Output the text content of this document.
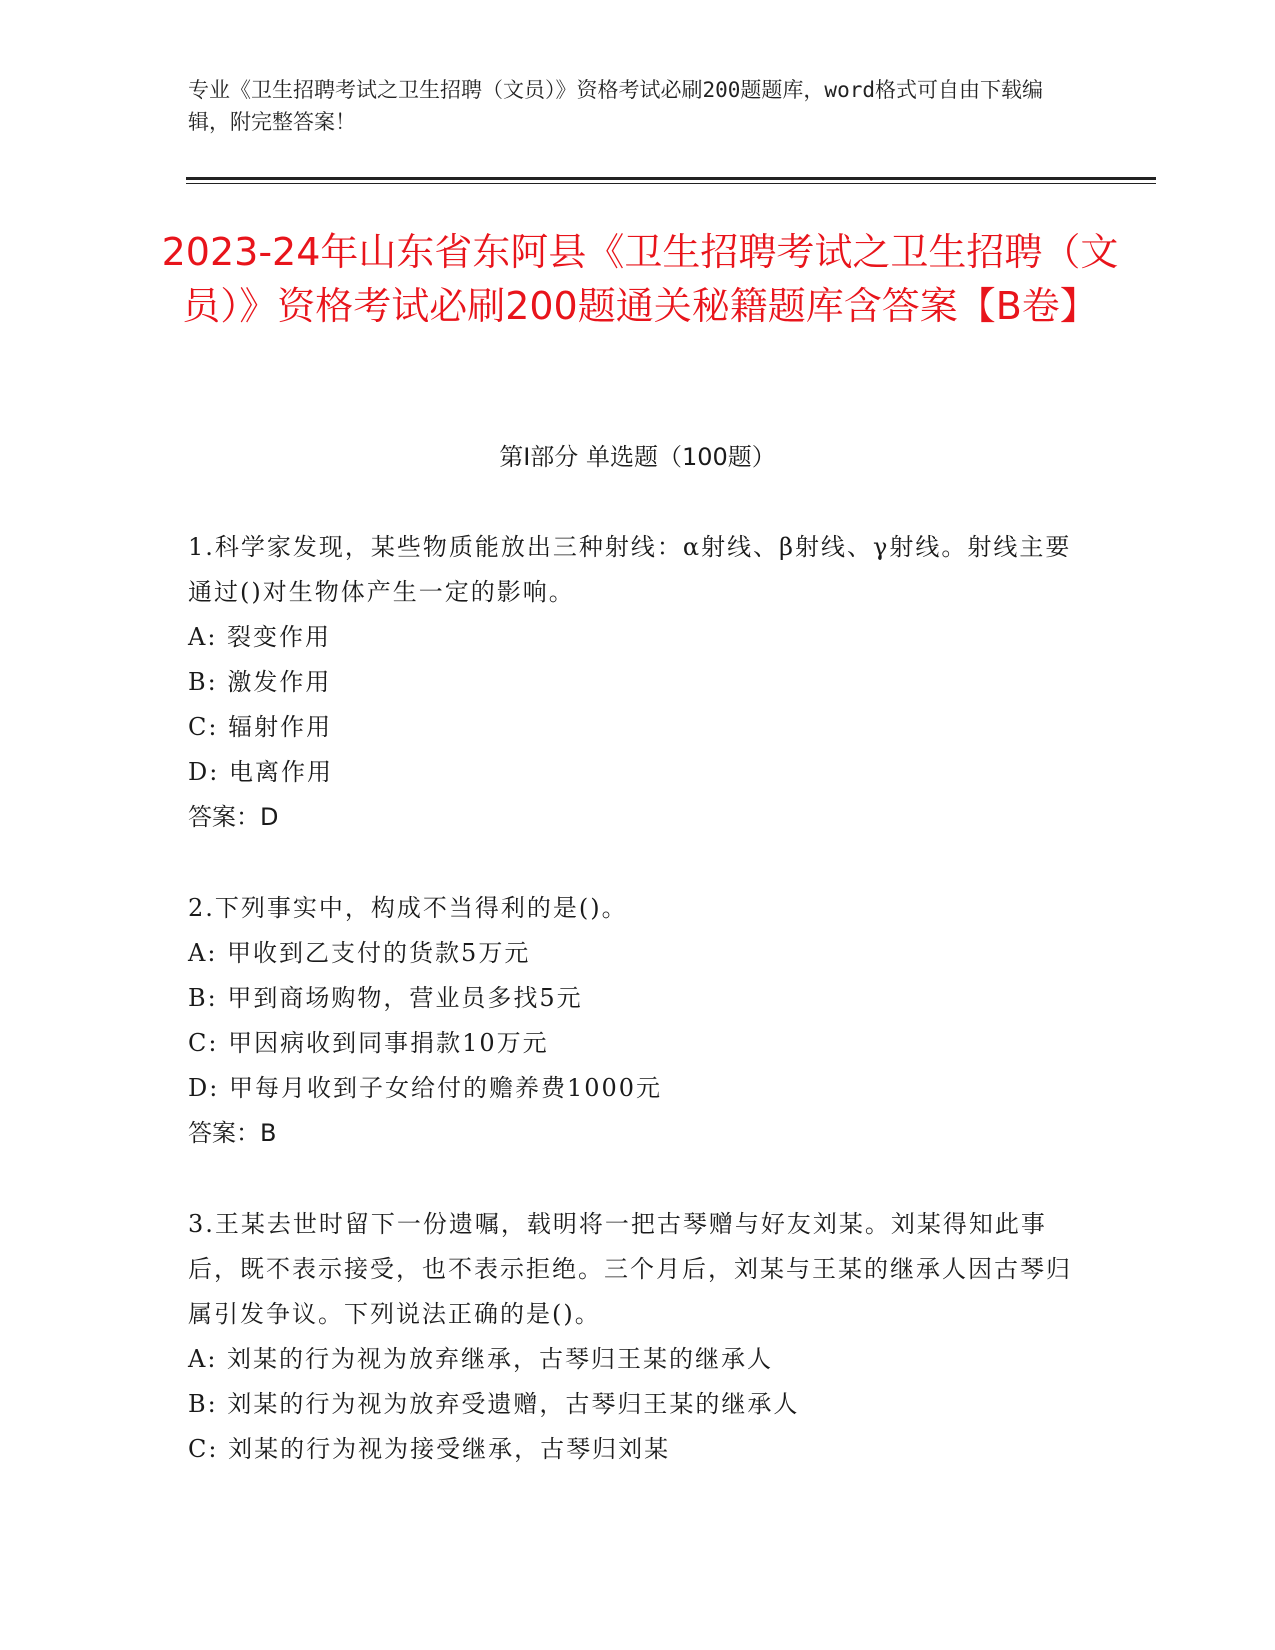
专业《卫生招聘考试之卫生招聘（文员）》资格考试必刷200题题库，word格式可自由下载编辑，附完整答案！
2023-24年山东省东阿县《卫生招聘考试之卫生招聘（文员）》资格考试必刷200题通关秘籍题库含答案【B卷】
第Ⅰ部分 单选题（100题）
1.科学家发现，某些物质能放出三种射线：α射线、β射线、γ射线。射线主要通过()对生物体产生一定的影响。
A: 裂变作用
B: 激发作用
C: 辐射作用
D: 电离作用
答案：D
2.下列事实中，构成不当得利的是()。
A: 甲收到乙支付的货款5万元
B: 甲到商场购物，营业员多找5元
C: 甲因病收到同事捐款10万元
D: 甲每月收到子女给付的赡养费1000元
答案：B
3.王某去世时留下一份遗嘱，载明将一把古琴赠与好友刘某。刘某得知此事后，既不表示接受，也不表示拒绝。三个月后，刘某与王某的继承人因古琴归属引发争议。下列说法正确的是()。
A: 刘某的行为视为放弃继承，古琴归王某的继承人
B: 刘某的行为视为放弃受遗赠，古琴归王某的继承人
C: 刘某的行为视为接受继承，古琴归刘某
